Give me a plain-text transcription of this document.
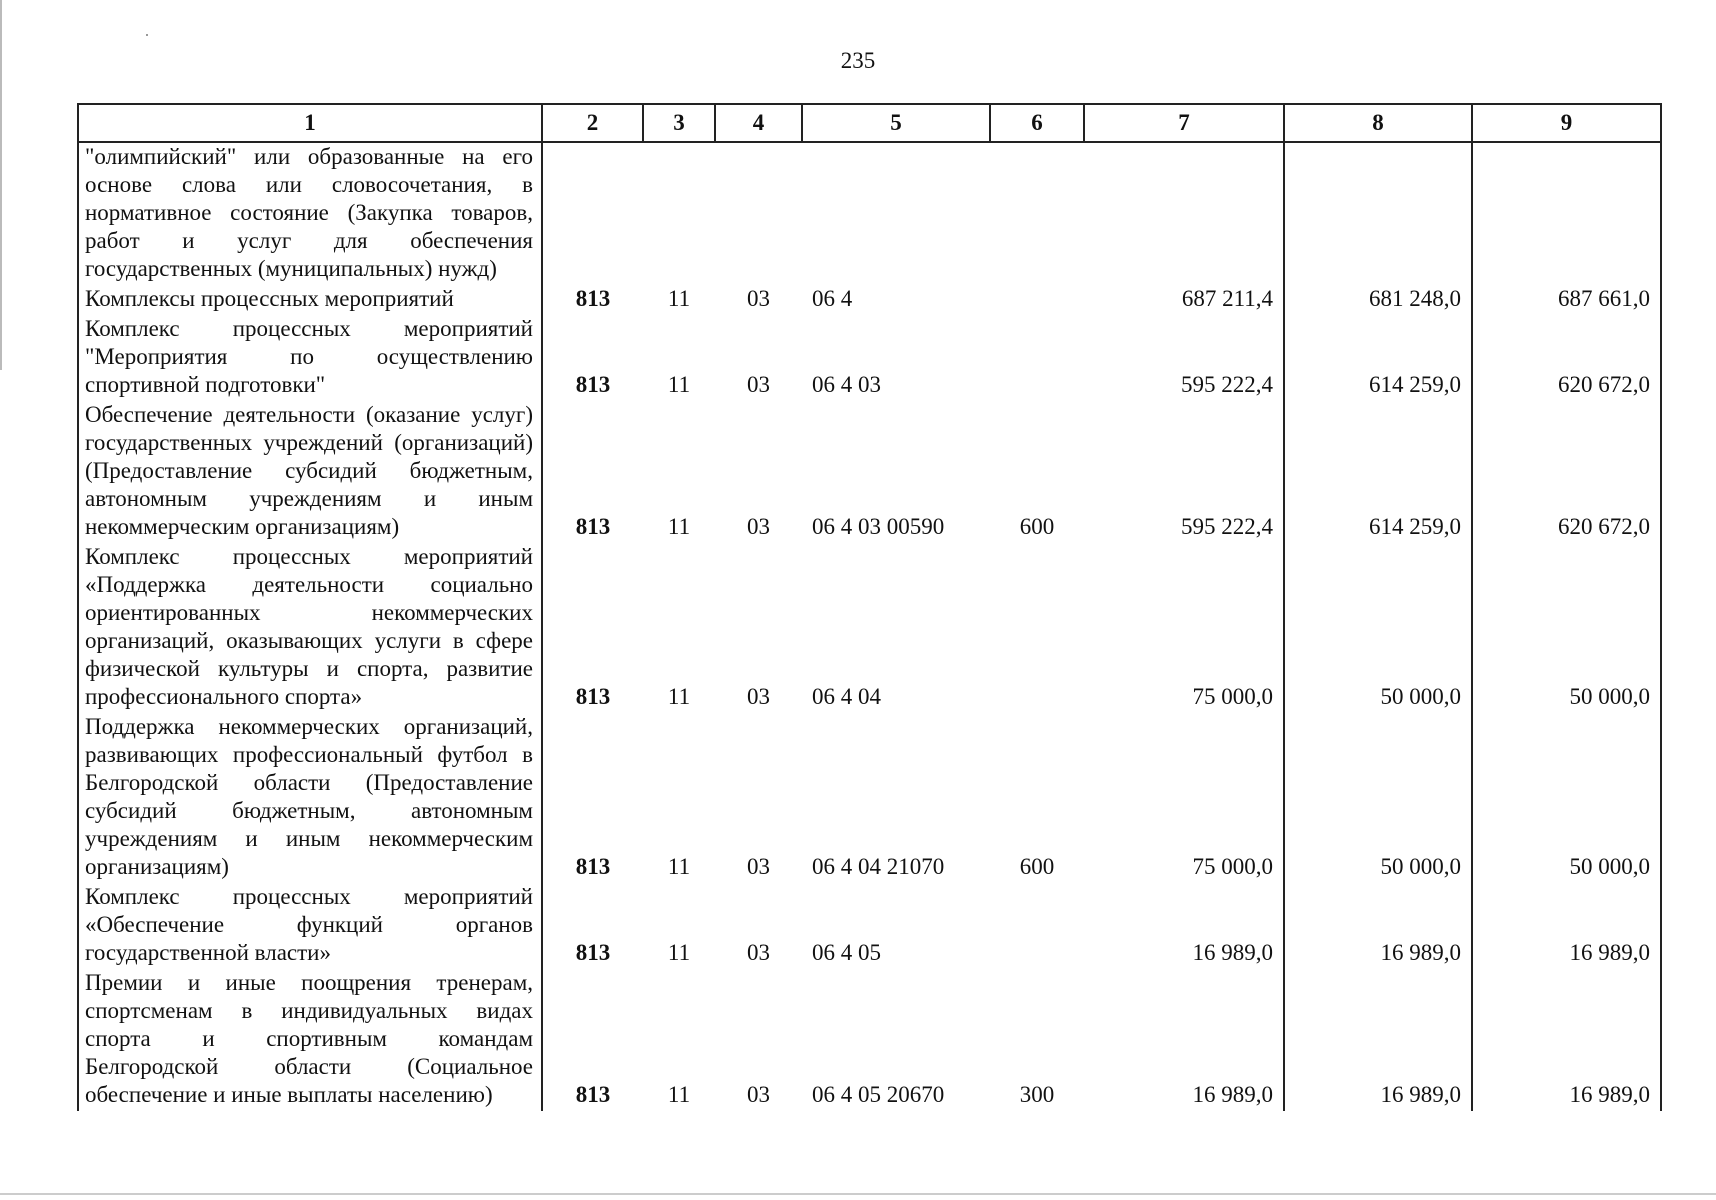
235
1	2	3	4	5	6	7	8	9
"олимпийский" или образованные на его основе слова или словосочетания, в нормативное состояние (Закупка товаров, работ и услуг для обеспечения государственных (муниципальных) нужд)								
Комплексы процессных мероприятий	813	11	03	06 4		687 211,4	681 248,0	687 661,0
Комплекс процессных мероприятий "Мероприятия по осуществлению спортивной подготовки"	813	11	03	06 4 03		595 222,4	614 259,0	620 672,0
Обеспечение деятельности (оказание услуг) государственных учреждений (организаций) (Предоставление субсидий бюджетным, автономным учреждениям и иным некоммерческим организациям)	813	11	03	06 4 03 00590	600	595 222,4	614 259,0	620 672,0
Комплекс процессных мероприятий «Поддержка деятельности социально ориентированных некоммерческих организаций, оказывающих услуги в сфере физической культуры и спорта, развитие профессионального спорта»	813	11	03	06 4 04		75 000,0	50 000,0	50 000,0
Поддержка некоммерческих организаций, развивающих профессиональный футбол в Белгородской области (Предоставление субсидий бюджетным, автономным учреждениям и иным некоммерческим организациям)	813	11	03	06 4 04 21070	600	75 000,0	50 000,0	50 000,0
Комплекс процессных мероприятий «Обеспечение функций органов государственной власти»	813	11	03	06 4 05		16 989,0	16 989,0	16 989,0
Премии и иные поощрения тренерам, спортсменам в индивидуальных видах спорта и спортивным командам Белгородской области (Социальное обеспечение и иные выплаты населению)	813	11	03	06 4 05 20670	300	16 989,0	16 989,0	16 989,0
